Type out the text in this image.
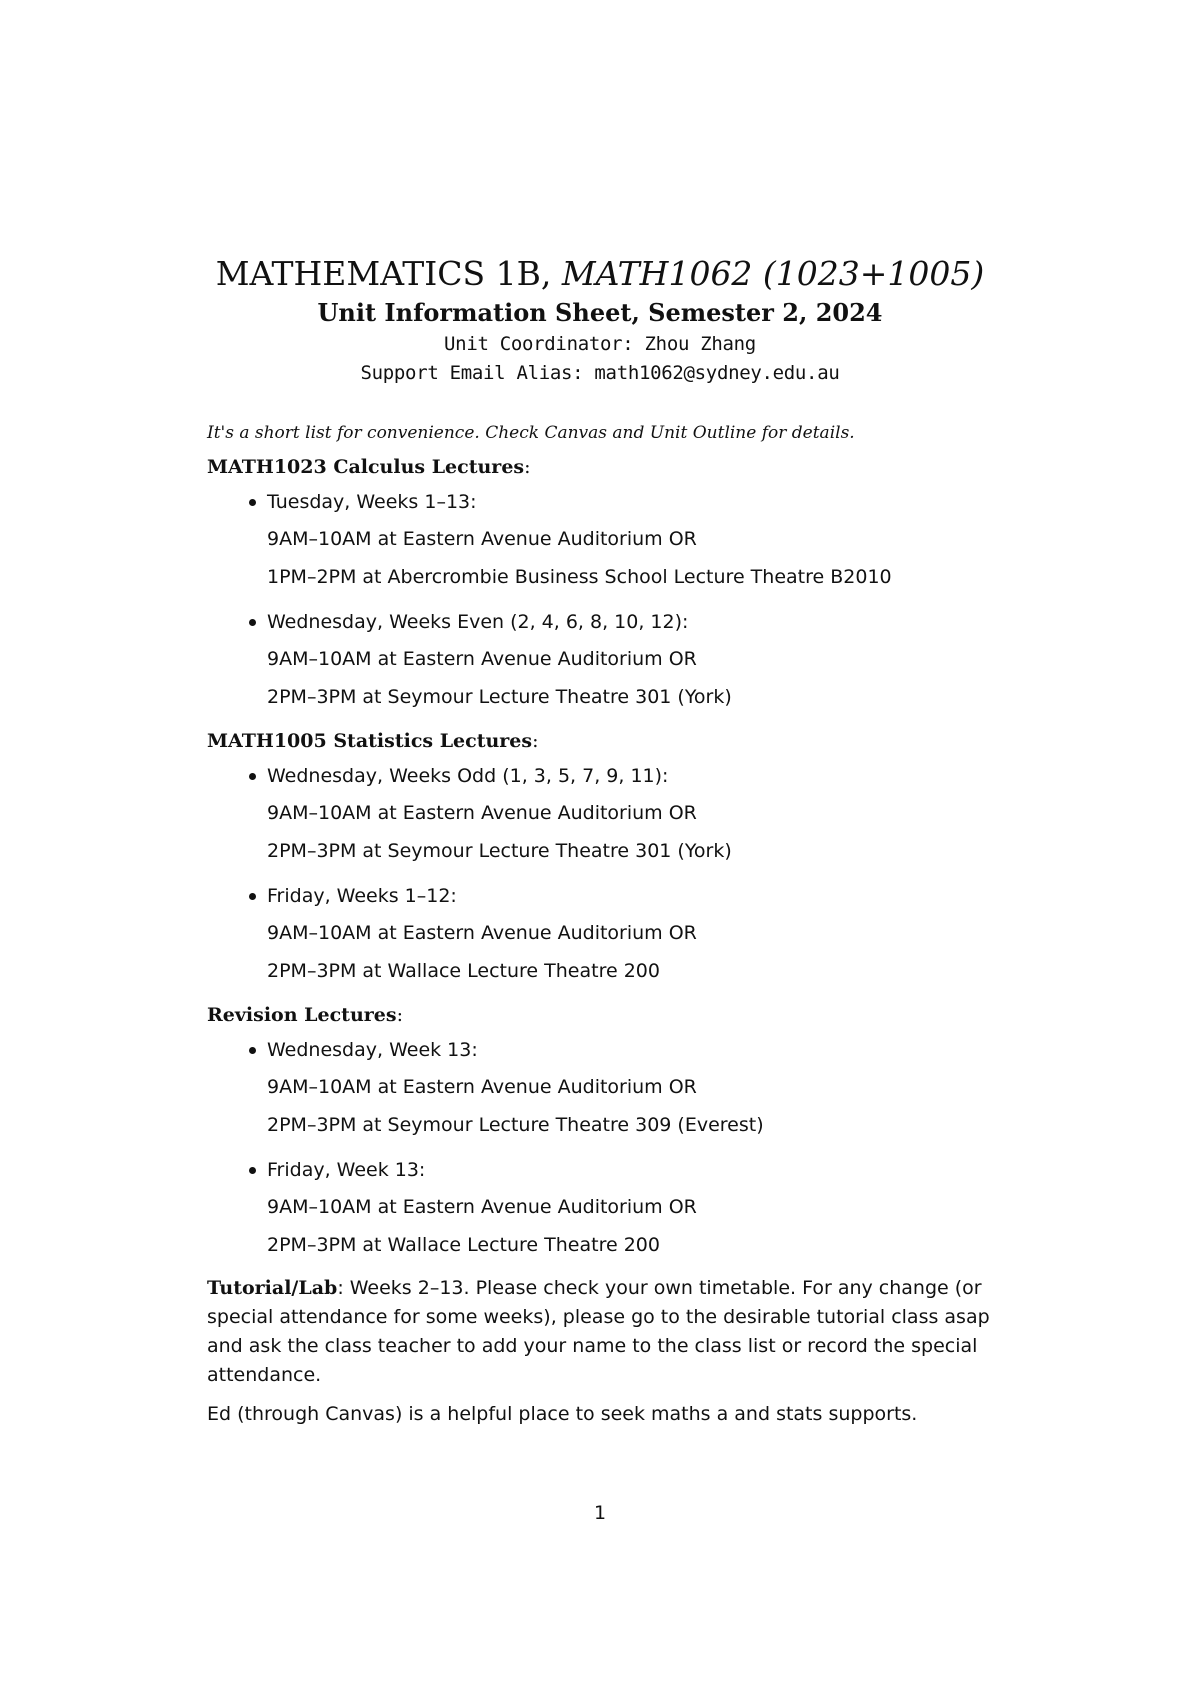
MATHEMATICS 1B, MATH1062 (1023+1005)

Unit Information Sheet, Semester 2, 2024

Unit Coordinator: Zhou Zhang

Support Email Alias: math1062@sydney.edu.au

It's a short list for convenience. Check Canvas and Unit Outline for details.

MATH1023 Calculus Lectures:

Tuesday, Weeks 1–13:
9AM–10AM at Eastern Avenue Auditorium OR
1PM–2PM at Abercrombie Business School Lecture Theatre B2010
Wednesday, Weeks Even (2, 4, 6, 8, 10, 12):
9AM–10AM at Eastern Avenue Auditorium OR
2PM–3PM at Seymour Lecture Theatre 301 (York)

MATH1005 Statistics Lectures:

Wednesday, Weeks Odd (1, 3, 5, 7, 9, 11):
9AM–10AM at Eastern Avenue Auditorium OR
2PM–3PM at Seymour Lecture Theatre 301 (York)
Friday, Weeks 1–12:
9AM–10AM at Eastern Avenue Auditorium OR
2PM–3PM at Wallace Lecture Theatre 200

Revision Lectures:

Wednesday, Week 13:
9AM–10AM at Eastern Avenue Auditorium OR
2PM–3PM at Seymour Lecture Theatre 309 (Everest)
Friday, Week 13:
9AM–10AM at Eastern Avenue Auditorium OR
2PM–3PM at Wallace Lecture Theatre 200

Tutorial/Lab: Weeks 2–13. Please check your own timetable. For any change (or special attendance for some weeks), please go to the desirable tutorial class asap and ask the class teacher to add your name to the class list or record the special attendance.

Ed (through Canvas) is a helpful place to seek maths a and stats supports.

1
